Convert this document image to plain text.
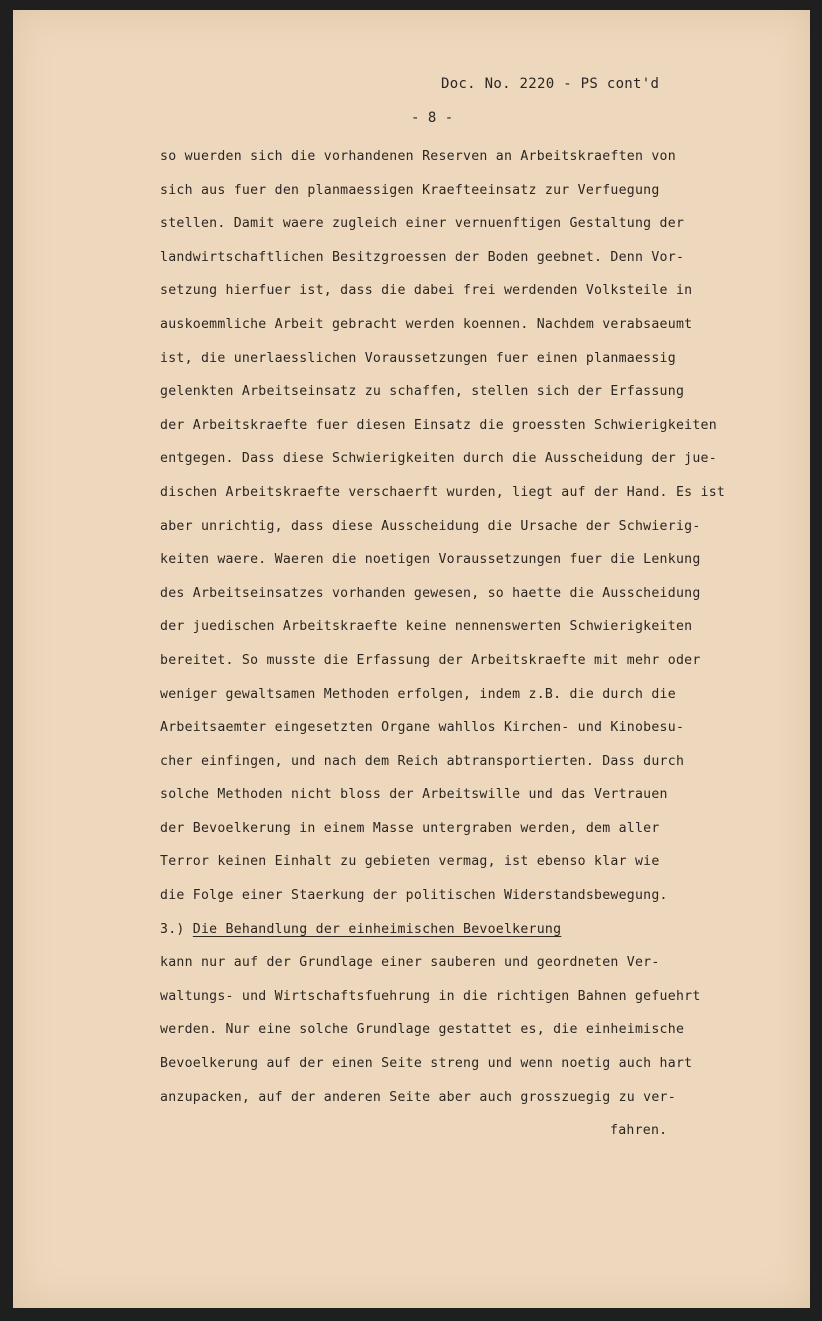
Doc. No. 2220 - PS cont'd
- 8 -
so wuerden sich die vorhandenen Reserven an Arbeitskraeften von
sich aus fuer den planmaessigen Kraefteeinsatz zur Verfuegung
stellen. Damit waere zugleich einer vernuenftigen Gestaltung der
landwirtschaftlichen Besitzgroessen der Boden geebnet. Denn Vor-
setzung hierfuer ist, dass die dabei frei werdenden Volksteile in
auskoemmliche Arbeit gebracht werden koennen. Nachdem verabsaeumt
ist, die unerlaesslichen Voraussetzungen fuer einen planmaessig
gelenkten Arbeitseinsatz zu schaffen, stellen sich der Erfassung
der Arbeitskraefte fuer diesen Einsatz die groessten Schwierigkeiten
entgegen. Dass diese Schwierigkeiten durch die Ausscheidung der jue-
dischen Arbeitskraefte verschaerft wurden, liegt auf der Hand. Es ist
aber unrichtig, dass diese Ausscheidung die Ursache der Schwierig-
keiten waere. Waeren die noetigen Voraussetzungen fuer die Lenkung
des Arbeitseinsatzes vorhanden gewesen, so haette die Ausscheidung
der juedischen Arbeitskraefte keine nennenswerten Schwierigkeiten
bereitet. So musste die Erfassung der Arbeitskraefte mit mehr oder
weniger gewaltsamen Methoden erfolgen, indem z.B. die durch die
Arbeitsaemter eingesetzten Organe wahllos Kirchen- und Kinobesu-
cher einfingen, und nach dem Reich abtransportierten. Dass durch
solche Methoden nicht bloss der Arbeitswille und das Vertrauen
der Bevoelkerung in einem Masse untergraben werden, dem aller
Terror keinen Einhalt zu gebieten vermag, ist ebenso klar wie
die Folge einer Staerkung der politischen Widerstandsbewegung.
3.) Die Behandlung der einheimischen Bevoelkerung
kann nur auf der Grundlage einer sauberen und geordneten Ver-
waltungs- und Wirtschaftsfuehrung in die richtigen Bahnen gefuehrt
werden. Nur eine solche Grundlage gestattet es, die einheimische
Bevoelkerung auf der einen Seite streng und wenn noetig auch hart
anzupacken, auf der anderen Seite aber auch grosszuegig zu ver-
fahren.
